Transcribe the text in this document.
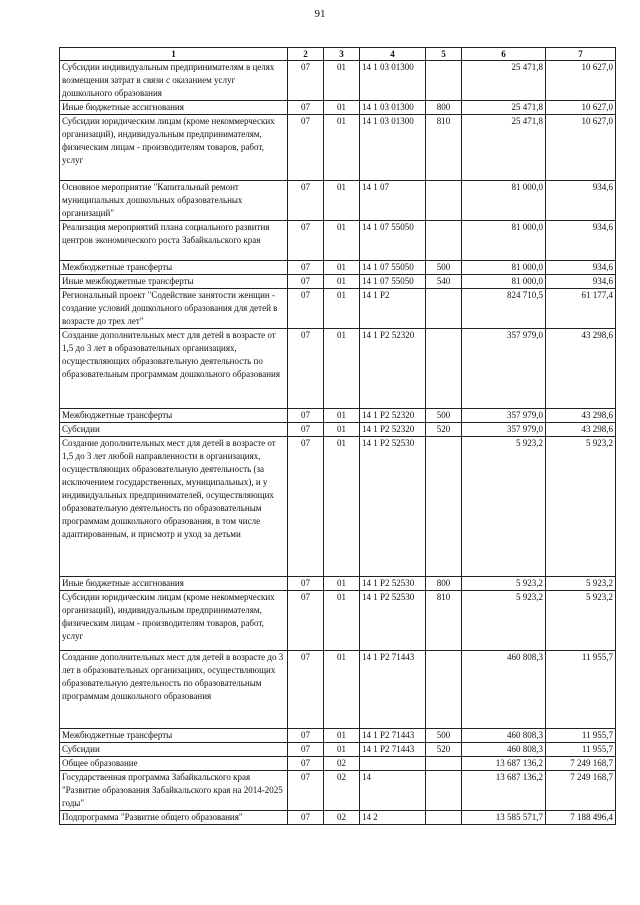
91
1	2	3	4	5	6	7
Субсидии индивидуальным предпринимателям в целях возмещения затрат в связи с оказанием услуг дошкольного образования	07	01	14 1 03 01300		25 471,8	10 627,0
Иные бюджетные ассигнования	07	01	14 1 03 01300	800	25 471,8	10 627,0
Субсидии юридическим лицам (кроме некоммерческих организаций), индивидуальным предпринимателям, физическим лицам - производителям товаров, работ, услуг	07	01	14 1 03 01300	810	25 471,8	10 627,0
Основное мероприятие "Капитальный ремонт муниципальных дошкольных образовательных организаций"	07	01	14 1 07		81 000,0	934,6
Реализация мероприятий плана социального развития центров экономического роста Забайкальского края	07	01	14 1 07 55050		81 000,0	934,6
Межбюджетные трансферты	07	01	14 1 07 55050	500	81 000,0	934,6
Иные межбюджетные трансферты	07	01	14 1 07 55050	540	81 000,0	934,6
Региональный проект "Содействие занятости женщин - создание условий дошкольного образования для детей в возрасте до трех лет"	07	01	14 1 P2		824 710,5	61 177,4
Создание дополнительных мест для детей в возрасте от 1,5 до 3 лет в образовательных организациях, осуществляющих образовательную деятельность по образовательным программам дошкольного образования	07	01	14 1 P2 52320		357 979,0	43 298,6
Межбюджетные трансферты	07	01	14 1 P2 52320	500	357 979,0	43 298,6
Субсидии	07	01	14 1 P2 52320	520	357 979,0	43 298,6
Создание дополнительных мест для детей в возрасте от 1,5 до 3 лет любой направленности в организациях, осуществляющих образовательную деятельность (за исключением государственных, муниципальных), и у индивидуальных предпринимателей, осуществляющих образовательную деятельность по образовательным программам дошкольного образования, в том числе адаптированным, и присмотр и уход за детьми	07	01	14 1 P2 52530		5 923,2	5 923,2
Иные бюджетные ассигнования	07	01	14 1 P2 52530	800	5 923,2	5 923,2
Субсидии юридическим лицам (кроме некоммерческих организаций), индивидуальным предпринимателям, физическим лицам - производителям товаров, работ, услуг	07	01	14 1 P2 52530	810	5 923,2	5 923,2
Создание дополнительных мест для детей в возрасте до 3 лет в образовательных организациях, осуществляющих образовательную деятельность по образовательным программам дошкольного образования	07	01	14 1 P2 71443		460 808,3	11 955,7
Межбюджетные трансферты	07	01	14 1 P2 71443	500	460 808,3	11 955,7
Субсидии	07	01	14 1 P2 71443	520	460 808,3	11 955,7
Общее образование	07	02			13 687 136,2	7 249 168,7
Государственная программа Забайкальского края "Развитие образования Забайкальского края на 2014-2025 годы"	07	02	14		13 687 136,2	7 249 168,7
Подпрограмма "Развитие общего образования"	07	02	14 2		13 585 571,7	7 188 496,4
